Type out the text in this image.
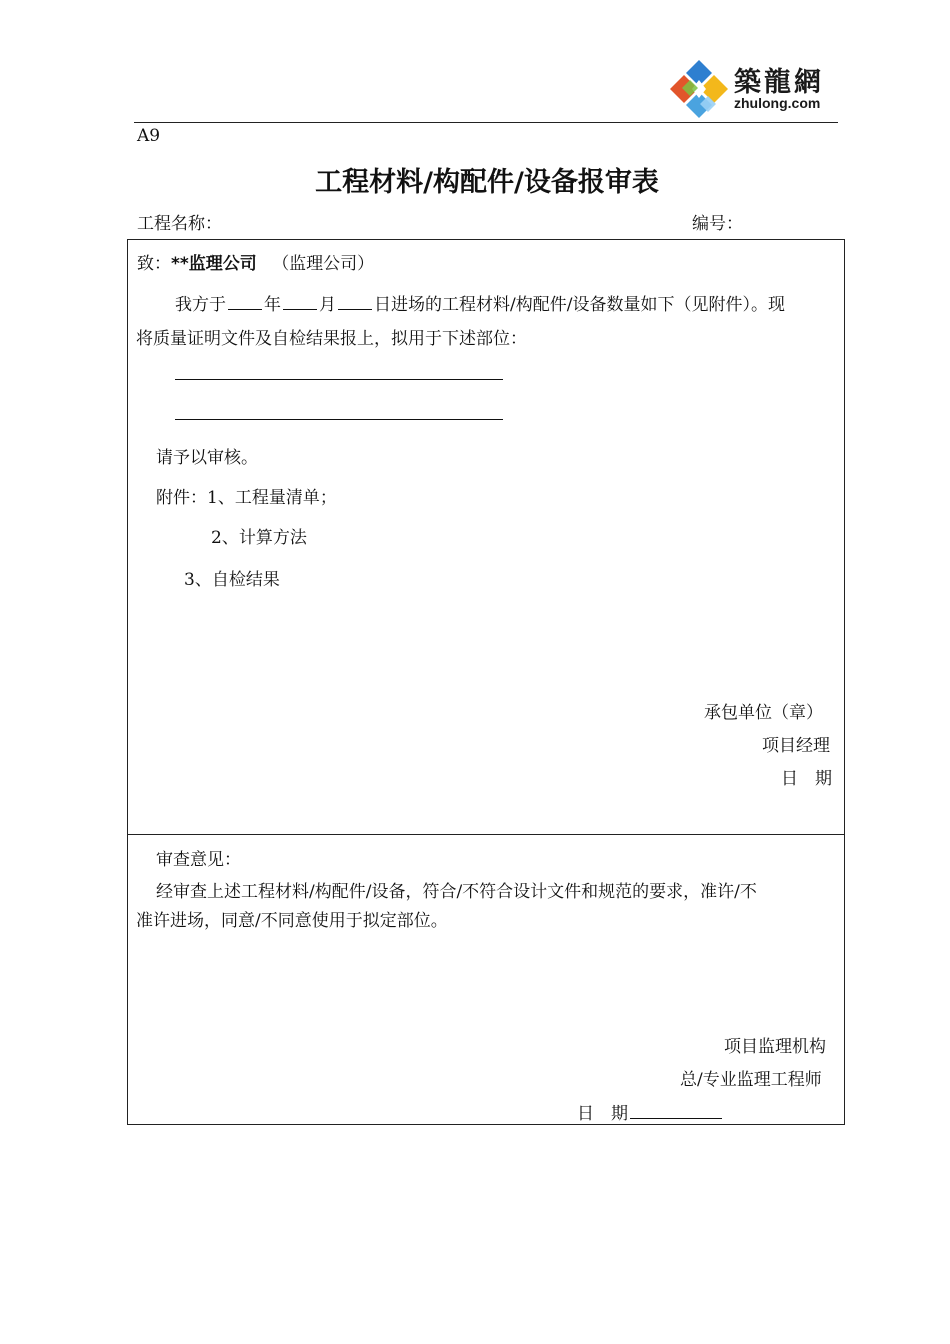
築龍網
zhulong.com
A9
工程材料/构配件/设备报审表
工程名称：	编号：
致：**监理公司 （监理公司）
我方于 年 月 日进场的工程材料/构配件/设备数量如下（见附件）。现
将质量证明文件及自检结果报上，拟用于下述部位：
请予以审核。
附件：1、工程量清单；
2、计算方法
3、自检结果
承包单位（章）
项目经理
日　期
审查意见：
经审查上述工程材料/构配件/设备，符合/不符合设计文件和规范的要求，准许/不
准许进场，同意/不同意使用于拟定部位。
项目监理机构
总/专业监理工程师
日　期
